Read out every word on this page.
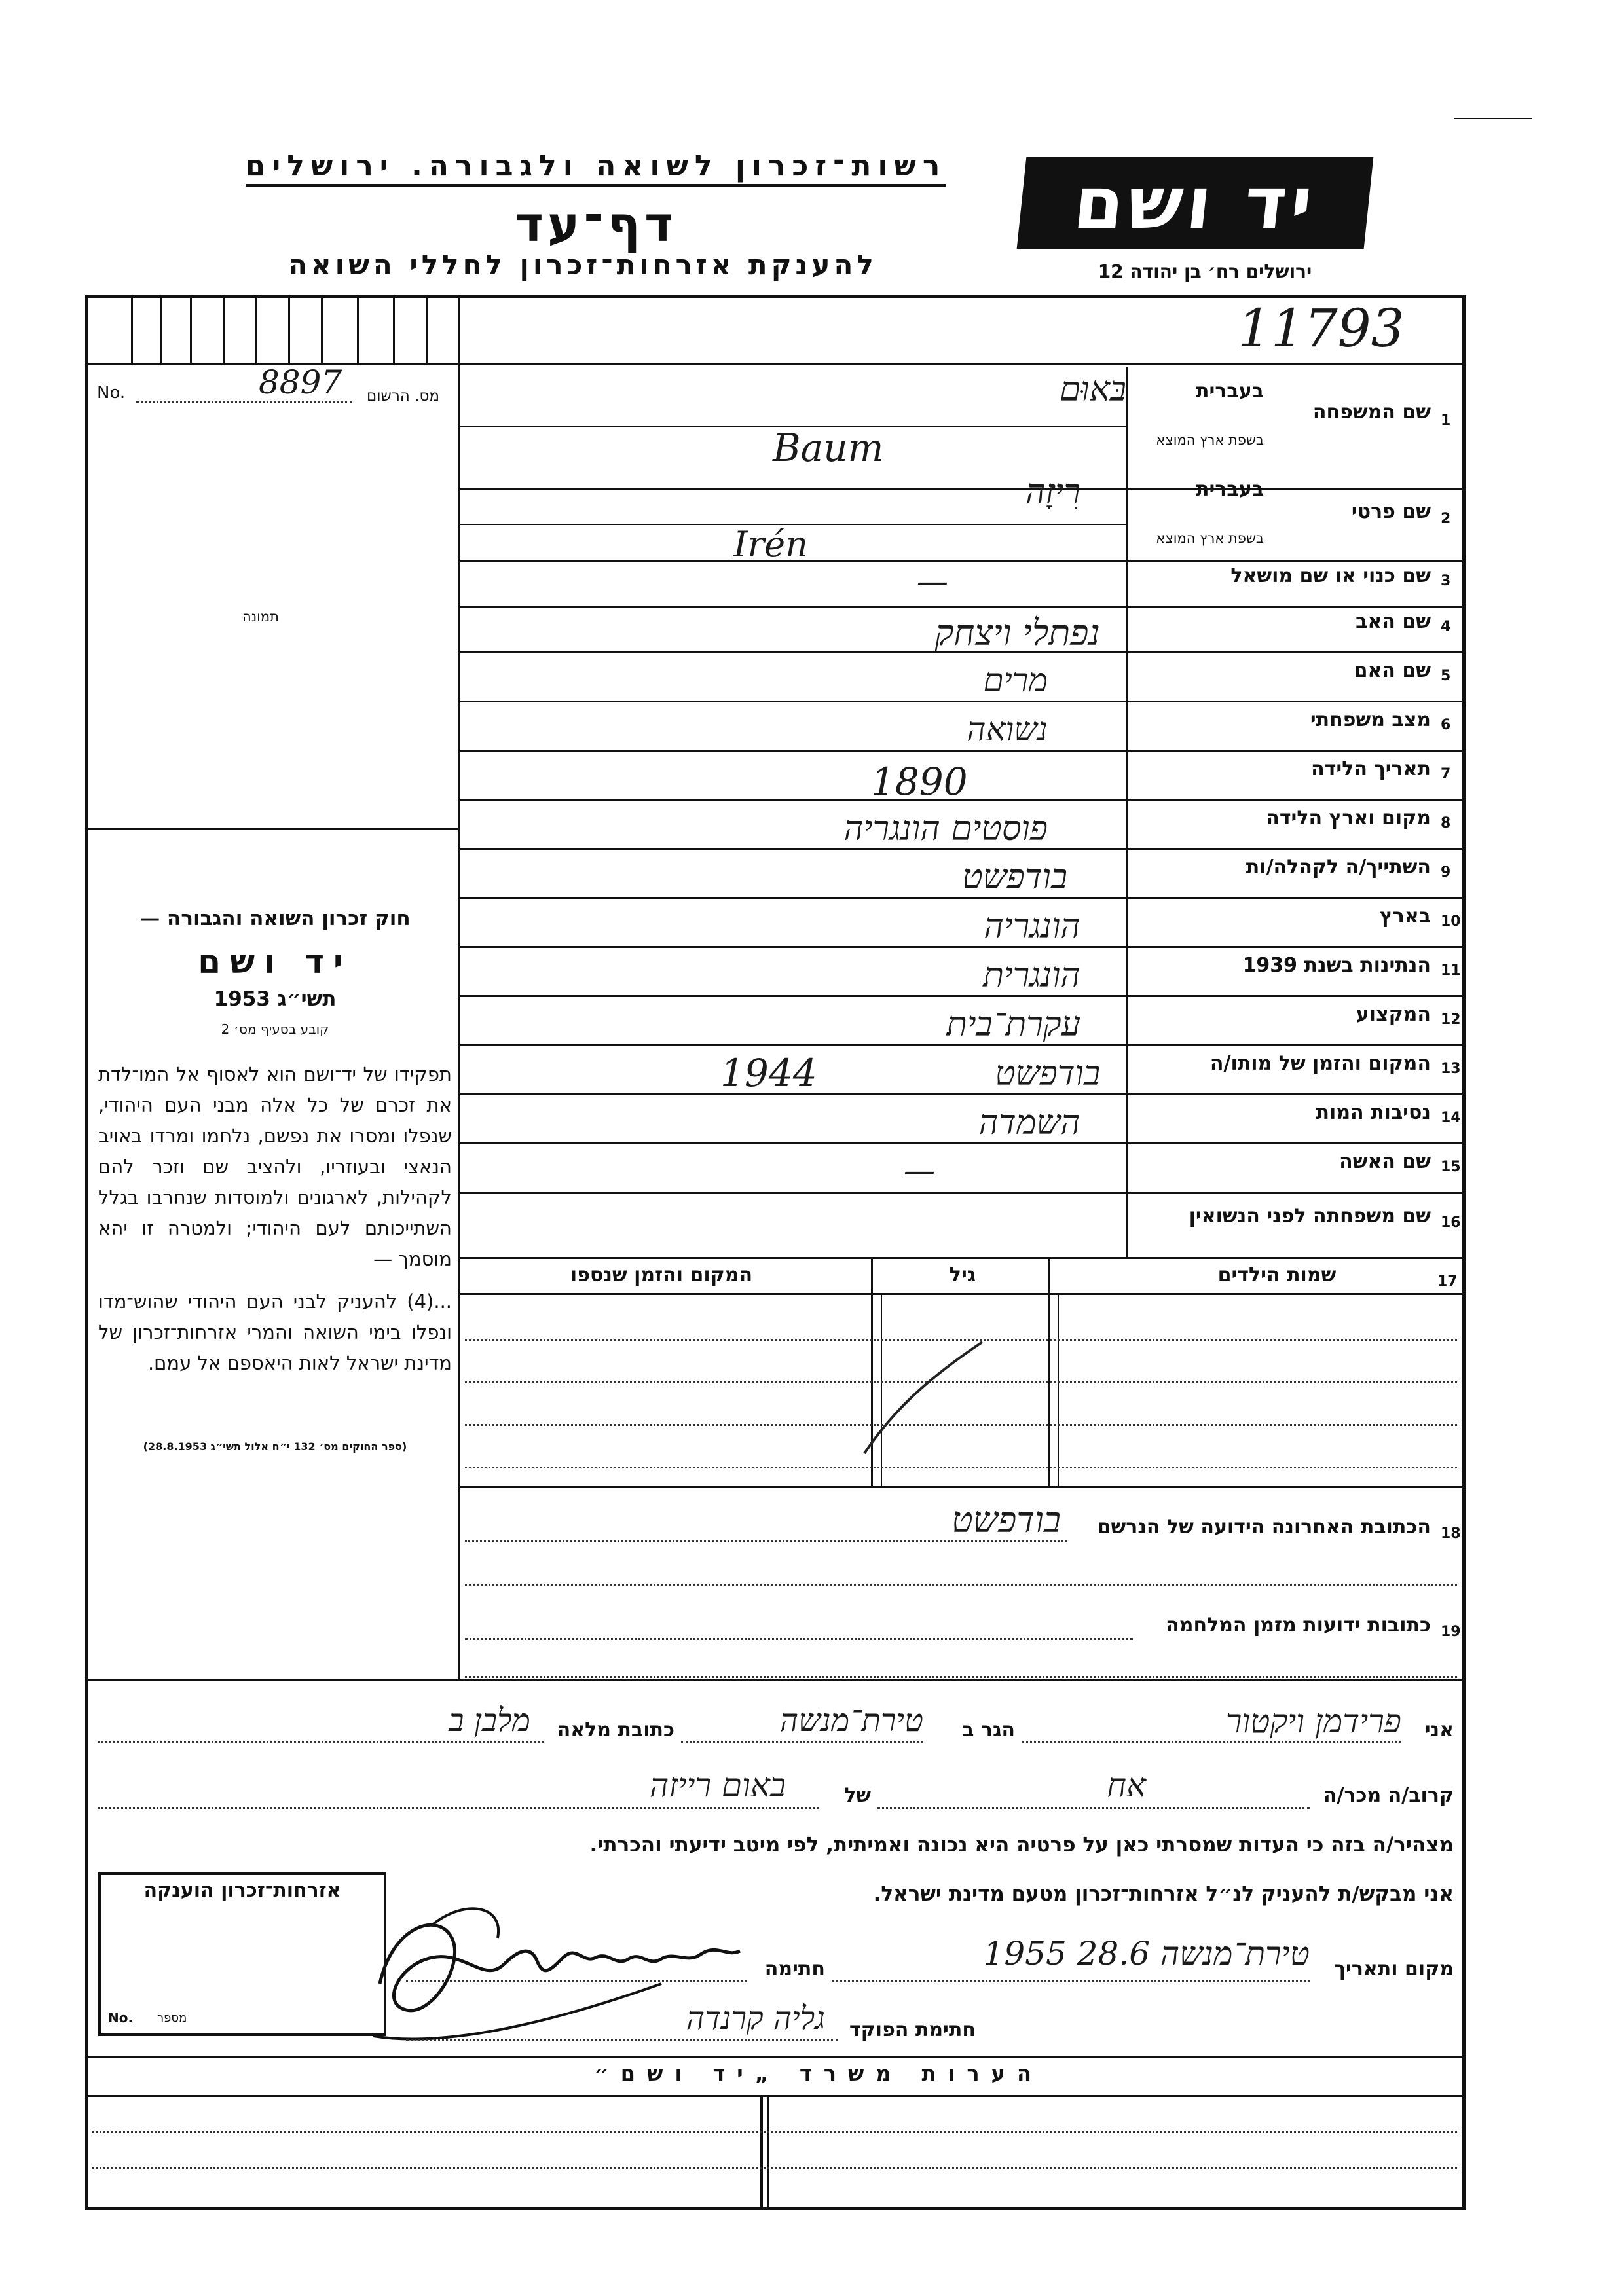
רשות־זכרון לשואה ולגבורה. ירושלים
דף־עד
להענקת אזרחות־זכרון לחללי השואה
יד ושם
ירושלים רח׳ בן יהודה 12
11793
No.	8897 מס. הרשום
תמונה
חוק זכרון השואה והגבורה —
יד ושם
תשי״ג 1953
קובע בסעיף מס׳ 2
תפקידו של יד־ושם הוא לאסוף אל המו־לדת את זכרם של כל אלה מבני העם היהודי, שנפלו ומסרו את נפשם, נלחמו ומרדו באויב הנאצי ובעוזריו, ולהציב שם וזכר להם לקהילות, לארגונים ולמוסדות שנחרבו בגלל השתייכותם לעם היהודי; ולמטרה זו יהא מוסמך —
...(4) להעניק לבני העם היהודי שהוש־מדו ונפלו בימי השואה והמרי אזרחות־זכרון של מדינת ישראל לאות היאספם אל עמם.
(ספר החוקים מס׳ 132 י״ח אלול תשי״ג 28.8.1953)
1
שם המשפחה
בעברית
בשפת ארץ המוצא
בּאוּם
Baum
2
שם פרטי
בעברית
בשפת ארץ המוצא
רִיזָה
Irén
3
שם כנוי או שם מושאל
—
4
שם האב
נפתלי ויצחק
5
שם האם
מרים
6
מצב משפחתי
נשואה
7
תאריך הלידה
1890
8
מקום וארץ הלידה
פוסטים הונגריה
9
השתייך/ה לקהלה/ות
בודפשט
10
בארץ
הונגריה
11
הנתינות בשנת 1939
הונגרית
12
המקצוע
עקרת־בית
13
המקום והזמן של מותו/ה
בודפשט
1944
14
נסיבות המות
השמדה
15
שם האשה
—
16
שם משפחתה לפני הנשואין
17
שמות הילדים
גיל
המקום והזמן שנספו
18
הכתובת האחרונה הידועה של הנרשם
בודפשט
19
כתובות ידועות מזמן המלחמה
אני
פרידמן ויקטור
הגר ב
טירת־מנשה
כתובת מלאה
מלבן ב
קרוב/ה מכר/ה
אח
של
באום רייזה
מצהיר/ה בזה כי העדות שמסרתי כאן על פרטיה היא נכונה ואמיתית, לפי מיטב ידיעתי והכרתי.
אני מבקש/ת להעניק לנ״ל אזרחות־זכרון מטעם מדינת ישראל.
מקום ותאריך
טירת־מנשה 28.6 1955
חתימה
חתימת הפוקד
גליה קרנדה
אזרחות־זכרון הוענקה
No. מספר
הערות משרד „יד ושם״
